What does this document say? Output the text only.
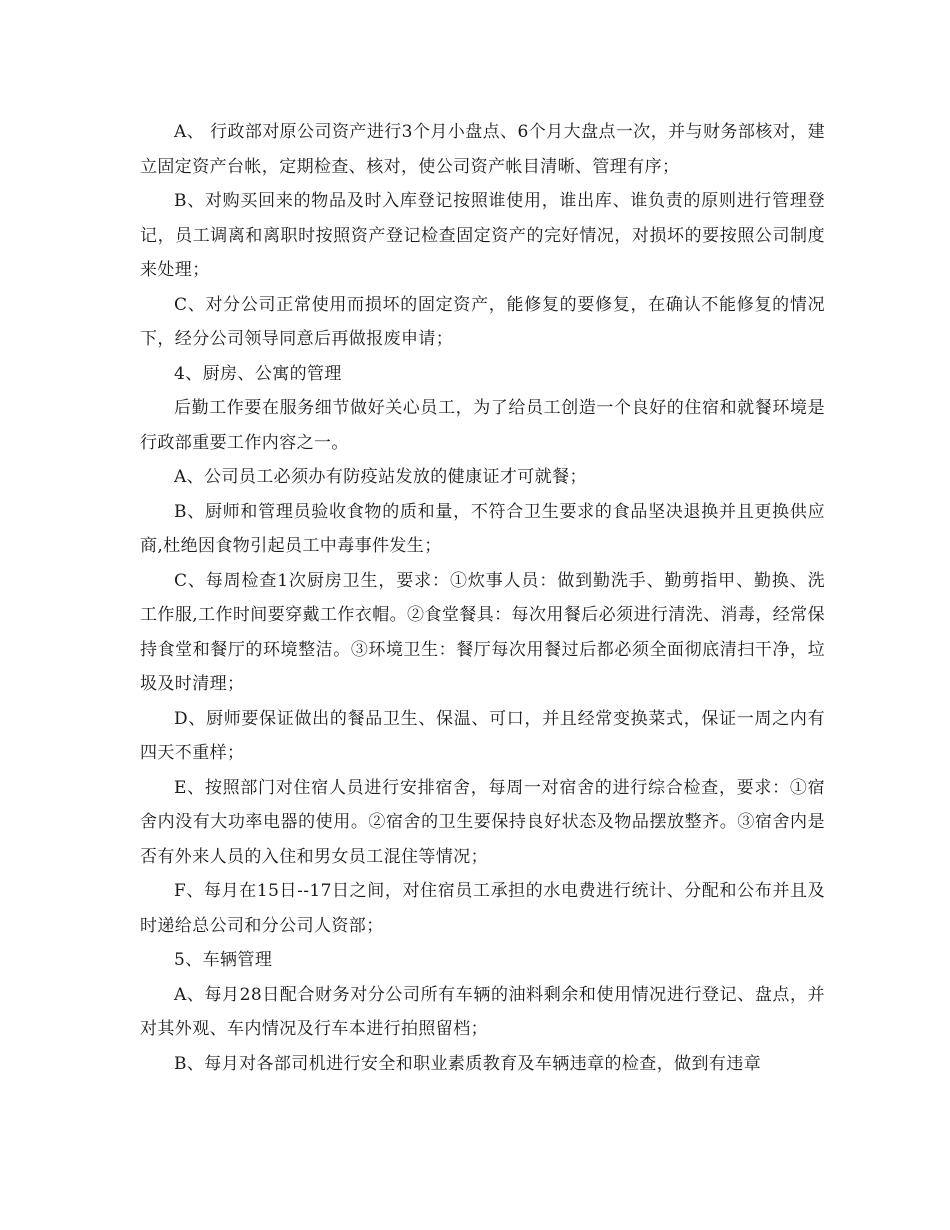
A、 行政部对原公司资产进行3个月小盘点、6个月大盘点一次，并与财务部核对，建立固定资产台帐，定期检查、核对，使公司资产帐目清晰、管理有序；

B、对购买回来的物品及时入库登记按照谁使用，谁出库、谁负责的原则进行管理登记，员工调离和离职时按照资产登记检查固定资产的完好情况，对损坏的要按照公司制度来处理；

C、对分公司正常使用而损坏的固定资产，能修复的要修复，在确认不能修复的情况下，经分公司领导同意后再做报废申请；

4、厨房、公寓的管理

后勤工作要在服务细节做好关心员工，为了给员工创造一个良好的住宿和就餐环境是行政部重要工作内容之一。

A、公司员工必须办有防疫站发放的健康证才可就餐；

B、厨师和管理员验收食物的质和量，不符合卫生要求的食品坚决退换并且更换供应商,杜绝因食物引起员工中毒事件发生；

C、每周检查1次厨房卫生，要求：①炊事人员：做到勤洗手、勤剪指甲、勤换、洗工作服,工作时间要穿戴工作衣帽。②食堂餐具：每次用餐后必须进行清洗、消毒，经常保持食堂和餐厅的环境整洁。③环境卫生：餐厅每次用餐过后都必须全面彻底清扫干净，垃圾及时清理；

D、厨师要保证做出的餐品卫生、保温、可口，并且经常变换菜式，保证一周之内有四天不重样；

E、按照部门对住宿人员进行安排宿舍，每周一对宿舍的进行综合检查，要求：①宿舍内没有大功率电器的使用。②宿舍的卫生要保持良好状态及物品摆放整齐。③宿舍内是否有外来人员的入住和男女员工混住等情况；

F、每月在15日--17日之间，对住宿员工承担的水电费进行统计、分配和公布并且及时递给总公司和分公司人资部；

5、车辆管理

A、每月28日配合财务对分公司所有车辆的油料剩余和使用情况进行登记、盘点，并对其外观、车内情况及行车本进行拍照留档；

B、每月对各部司机进行安全和职业素质教育及车辆违章的检查，做到有违章
